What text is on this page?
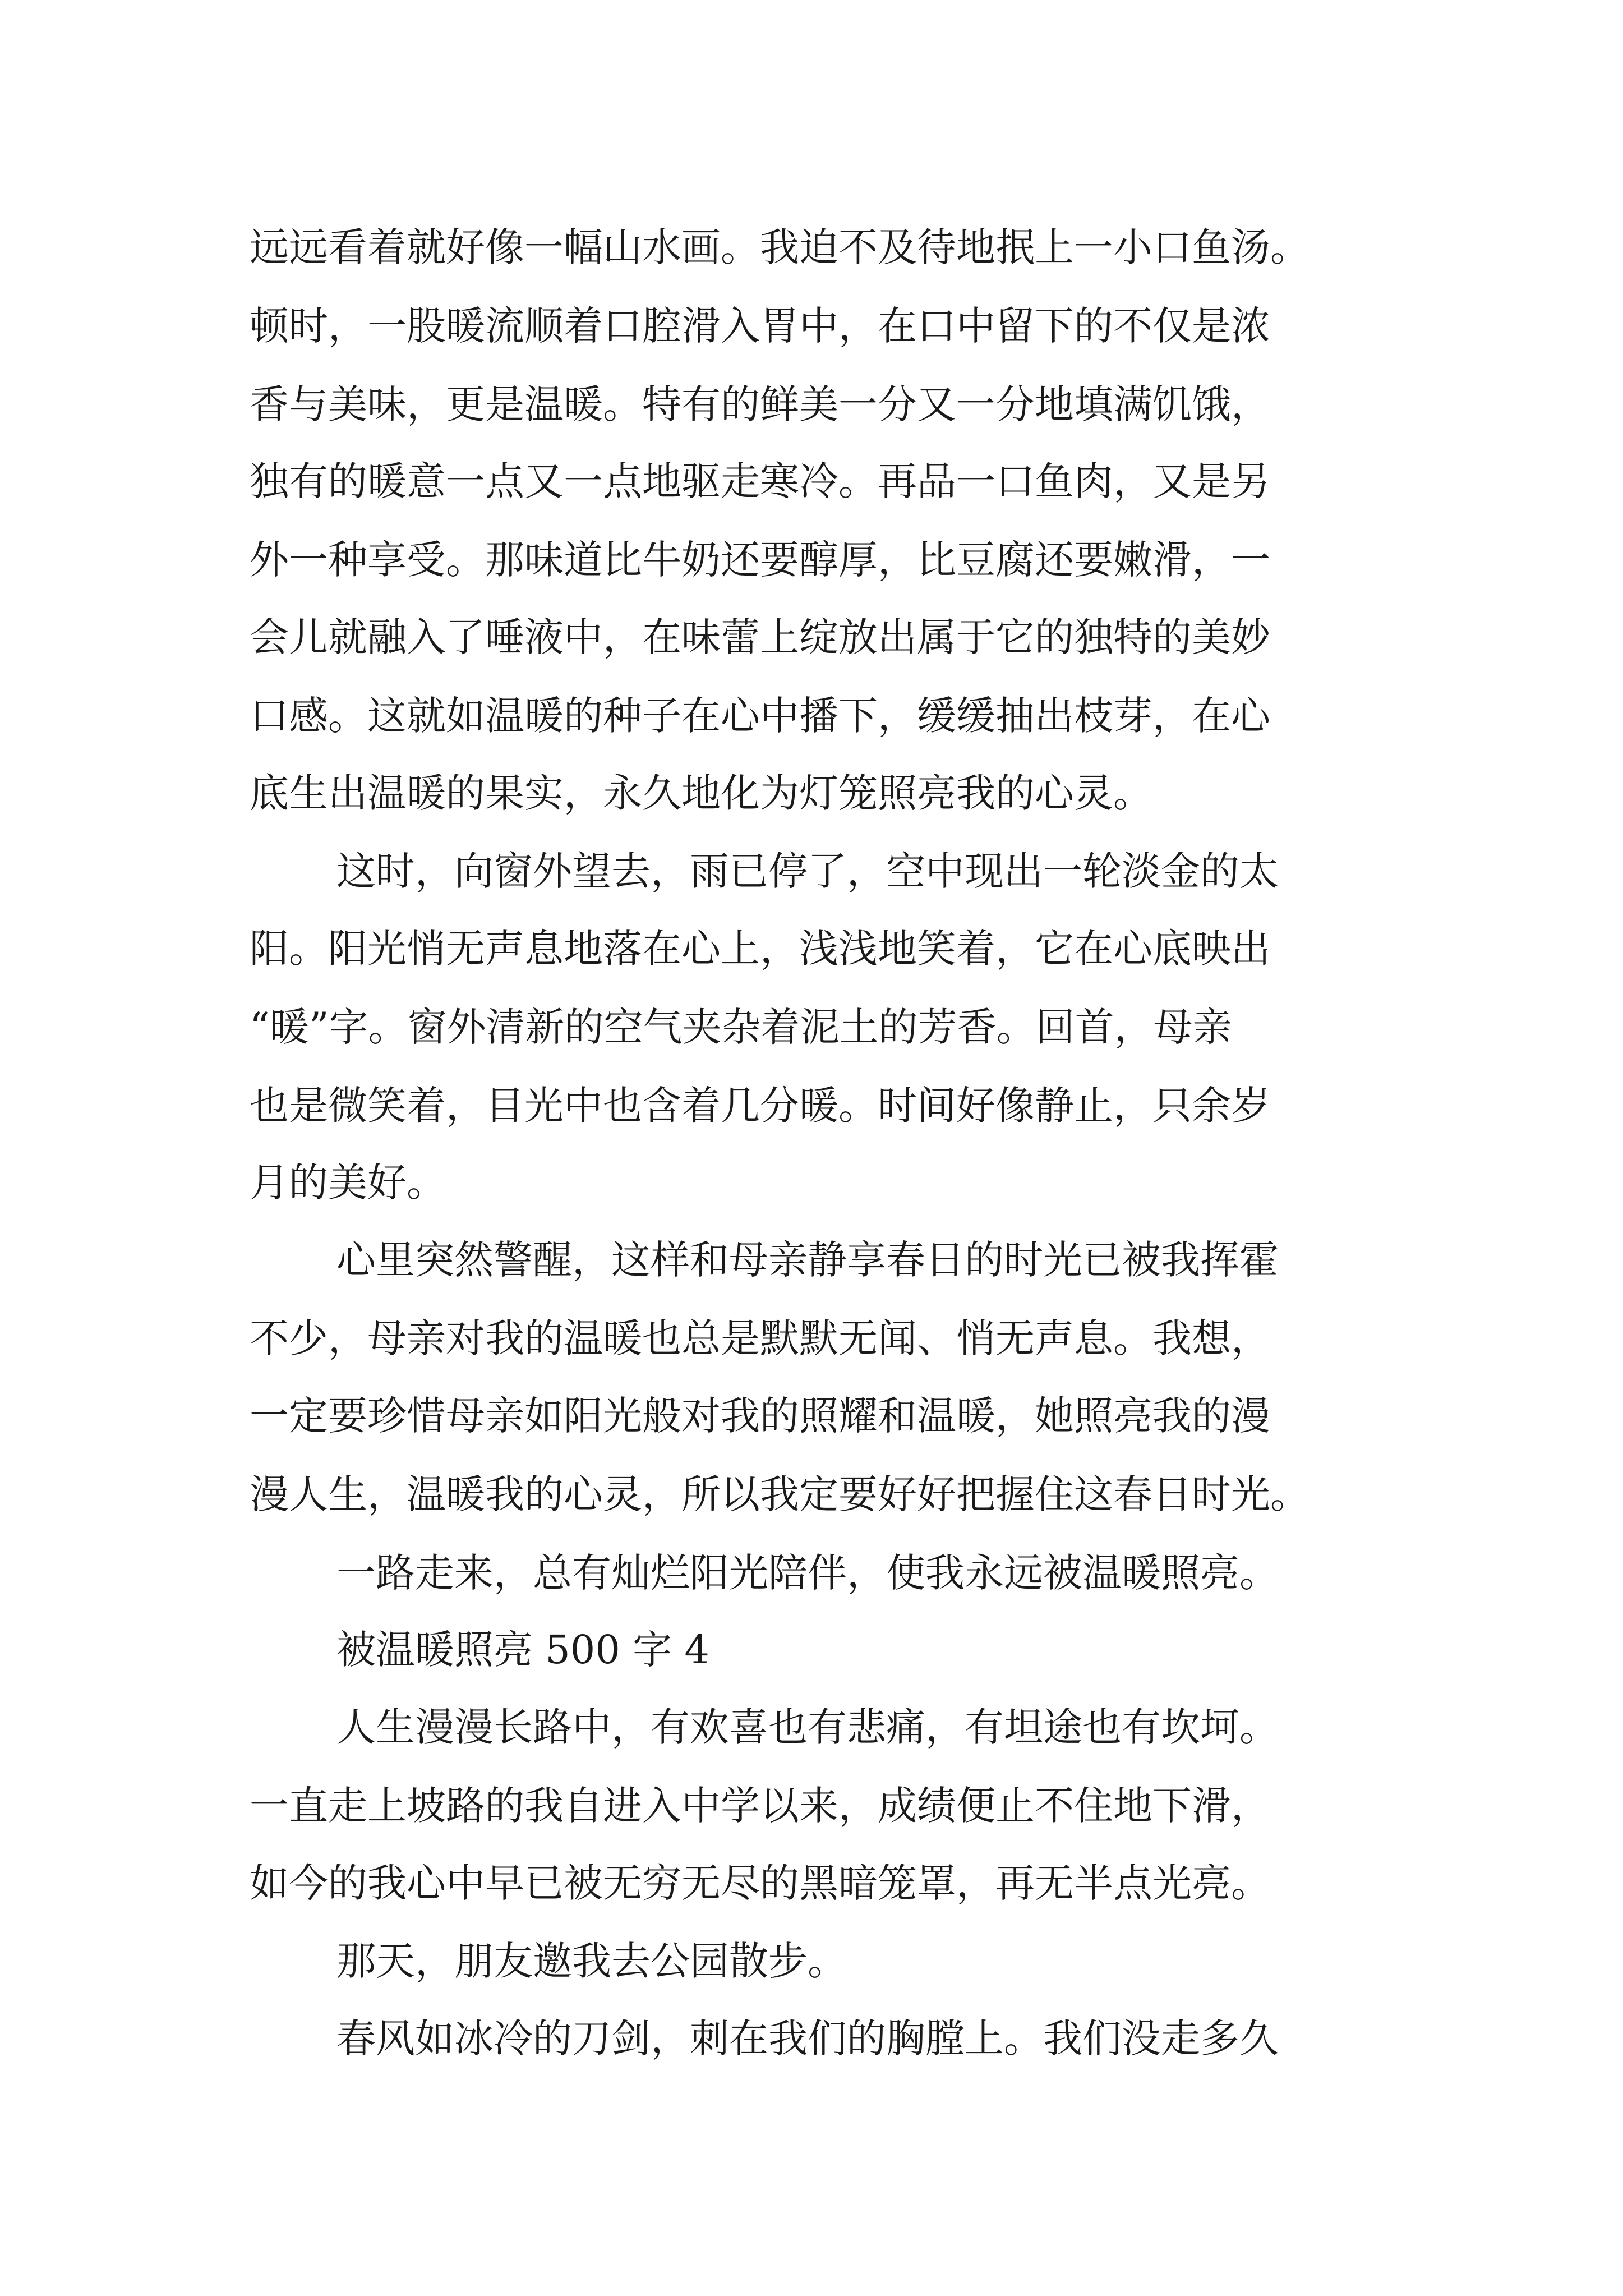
远远看着就好像一幅山水画。我迫不及待地抿上一小口鱼汤。
顿时，一股暖流顺着口腔滑入胃中，在口中留下的不仅是浓
香与美味，更是温暖。特有的鲜美一分又一分地填满饥饿，
独有的暖意一点又一点地驱走寒冷。再品一口鱼肉，又是另
外一种享受。那味道比牛奶还要醇厚，比豆腐还要嫩滑，一
会儿就融入了唾液中，在味蕾上绽放出属于它的独特的美妙
口感。这就如温暖的种子在心中播下，缓缓抽出枝芽，在心
底生出温暖的果实，永久地化为灯笼照亮我的心灵。
这时，向窗外望去，雨已停了，空中现出一轮淡金的太
阳。阳光悄无声息地落在心上，浅浅地笑着，它在心底映出
“暖”字。窗外清新的空气夹杂着泥土的芳香。回首，母亲
也是微笑着，目光中也含着几分暖。时间好像静止，只余岁
月的美好。
心里突然警醒，这样和母亲静享春日的时光已被我挥霍
不少，母亲对我的温暖也总是默默无闻、悄无声息。我想，
一定要珍惜母亲如阳光般对我的照耀和温暖，她照亮我的漫
漫人生，温暖我的心灵，所以我定要好好把握住这春日时光。
一路走来，总有灿烂阳光陪伴，使我永远被温暖照亮。
被温暖照亮 500 字 4
人生漫漫长路中，有欢喜也有悲痛，有坦途也有坎坷。
一直走上坡路的我自进入中学以来，成绩便止不住地下滑，
如今的我心中早已被无穷无尽的黑暗笼罩，再无半点光亮。
那天，朋友邀我去公园散步。
春风如冰冷的刀剑，刺在我们的胸膛上。我们没走多久
